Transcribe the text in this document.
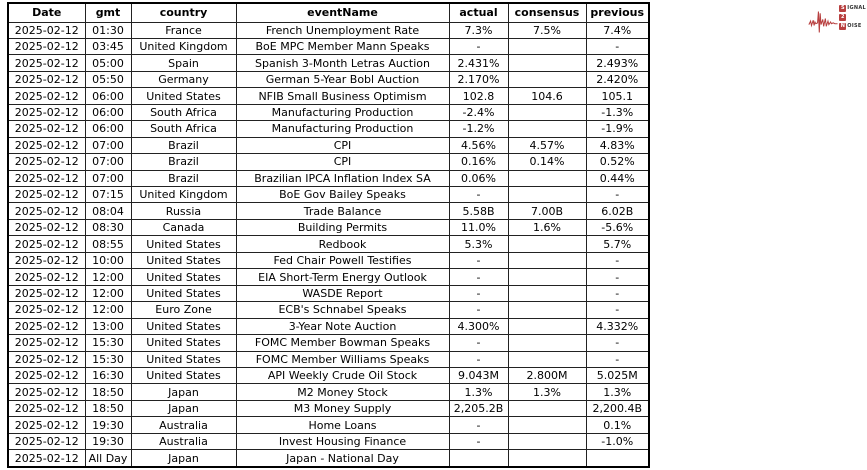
Date	gmt	country	eventName	actual	consensus	previous
2025-02-12	01:30	France	French Unemployment Rate	7.3%	7.5%	7.4%
2025-02-12	03:45	United Kingdom	BoE MPC Member Mann Speaks	-		-
2025-02-12	05:00	Spain	Spanish 3-Month Letras Auction	2.431%		2.493%
2025-02-12	05:50	Germany	German 5-Year Bobl Auction	2.170%		2.420%
2025-02-12	06:00	United States	NFIB Small Business Optimism	102.8	104.6	105.1
2025-02-12	06:00	South Africa	Manufacturing Production	-2.4%		-1.3%
2025-02-12	06:00	South Africa	Manufacturing Production	-1.2%		-1.9%
2025-02-12	07:00	Brazil	CPI	4.56%	4.57%	4.83%
2025-02-12	07:00	Brazil	CPI	0.16%	0.14%	0.52%
2025-02-12	07:00	Brazil	Brazilian IPCA Inflation Index SA	0.06%		0.44%
2025-02-12	07:15	United Kingdom	BoE Gov Bailey Speaks	-		-
2025-02-12	08:04	Russia	Trade Balance	5.58B	7.00B	6.02B
2025-02-12	08:30	Canada	Building Permits	11.0%	1.6%	-5.6%
2025-02-12	08:55	United States	Redbook	5.3%		5.7%
2025-02-12	10:00	United States	Fed Chair Powell Testifies	-		-
2025-02-12	12:00	United States	EIA Short-Term Energy Outlook	-		-
2025-02-12	12:00	United States	WASDE Report	-		-
2025-02-12	12:00	Euro Zone	ECB's Schnabel Speaks	-		-
2025-02-12	13:00	United States	3-Year Note Auction	4.300%		4.332%
2025-02-12	15:30	United States	FOMC Member Bowman Speaks	-		-
2025-02-12	15:30	United States	FOMC Member Williams Speaks	-		-
2025-02-12	16:30	United States	API Weekly Crude Oil Stock	9.043M	2.800M	5.025M
2025-02-12	18:50	Japan	M2 Money Stock	1.3%	1.3%	1.3%
2025-02-12	18:50	Japan	M3 Money Supply	2,205.2B		2,200.4B
2025-02-12	19:30	Australia	Home Loans	-		0.1%
2025-02-12	19:30	Australia	Invest Housing Finance	-		-1.0%
2025-02-12	All Day	Japan	Japan - National Day			
S IGNAL
2
N OISE
